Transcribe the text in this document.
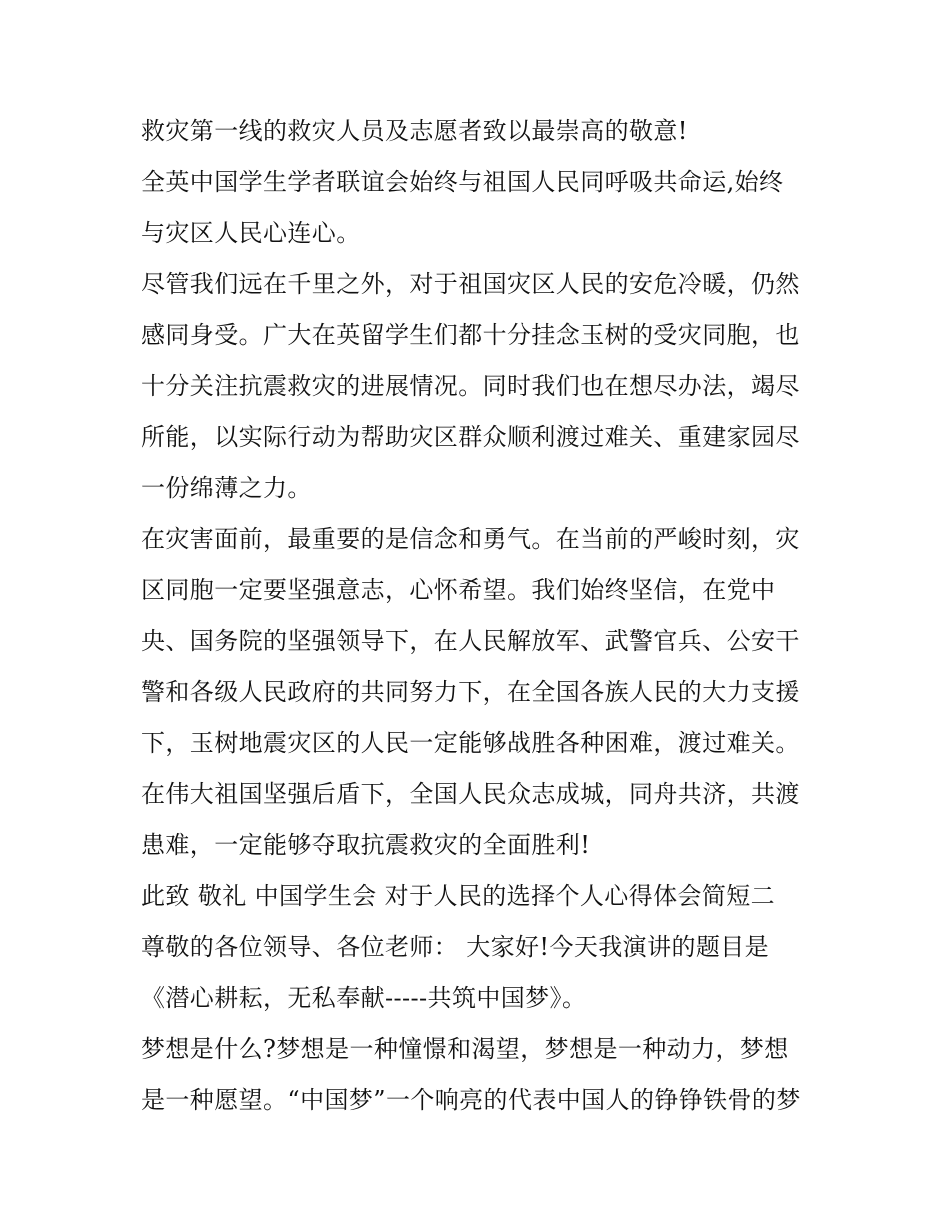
救灾第一线的救灾人员及志愿者致以最崇高的敬意!
全英中国学生学者联谊会始终与祖国人民同呼吸共命运,始终
与灾区人民心连心。
尽管我们远在千里之外，对于祖国灾区人民的安危冷暖，仍然
感同身受。广大在英留学生们都十分挂念玉树的受灾同胞，也
十分关注抗震救灾的进展情况。同时我们也在想尽办法，竭尽
所能，以实际行动为帮助灾区群众顺利渡过难关、重建家园尽
一份绵薄之力。
在灾害面前，最重要的是信念和勇气。在当前的严峻时刻，灾
区同胞一定要坚强意志，心怀希望。我们始终坚信，在党中
央、国务院的坚强领导下，在人民解放军、武警官兵、公安干
警和各级人民政府的共同努力下，在全国各族人民的大力支援
下，玉树地震灾区的人民一定能够战胜各种困难，渡过难关。
在伟大祖国坚强后盾下，全国人民众志成城，同舟共济，共渡
患难，一定能够夺取抗震救灾的全面胜利!
此致 敬礼 中国学生会 对于人民的选择个人心得体会简短二
尊敬的各位领导、各位老师： 大家好!今天我演讲的题目是
《潜心耕耘，无私奉献-----共筑中国梦》。
梦想是什么?梦想是一种憧憬和渴望，梦想是一种动力，梦想
是一种愿望。“中国梦”一个响亮的代表中国人的铮铮铁骨的梦
